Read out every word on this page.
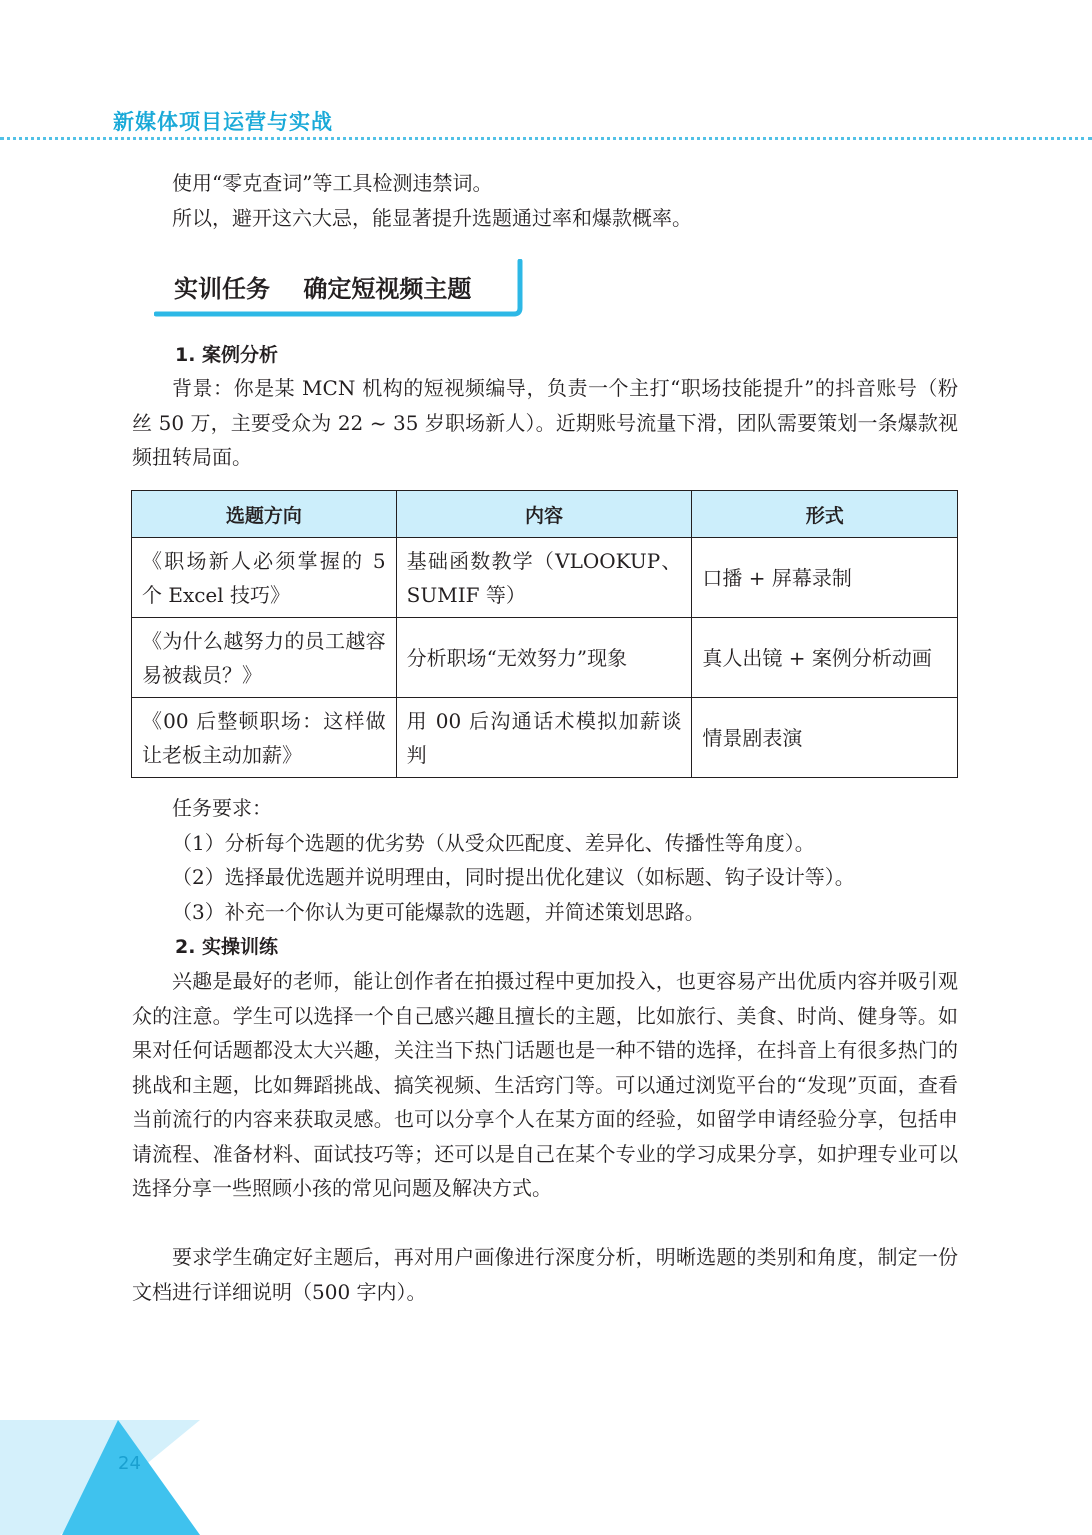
新媒体项目运营与实战

使用“零克查词”等工具检测违禁词。

所以，避开这六大忌，能显著提升选题通过率和爆款概率。

实训任务    确定短视频主题
1. 案例分析

背景：你是某 MCN 机构的短视频编导，负责一个主打“职场技能提升”的抖音账号（粉丝 50 万，主要受众为 22 ~ 35 岁职场新人）。近期账号流量下滑，团队需要策划一条爆款视频扭转局面。

选题方向	内容	形式
《职场新人必须掌握的 5 个 Excel 技巧》	基础函数教学（VLOOKUP、SUMIF 等）	口播 + 屏幕录制
《为什么越努力的员工越容易被裁员？》	分析职场“无效努力”现象	真人出镜 + 案例分析动画
《00 后整顿职场：这样做让老板主动加薪》	用 00 后沟通话术模拟加薪谈判	情景剧表演

任务要求：

（1）分析每个选题的优劣势（从受众匹配度、差异化、传播性等角度）。

（2）选择最优选题并说明理由，同时提出优化建议（如标题、钩子设计等）。

（3）补充一个你认为更可能爆款的选题，并简述策划思路。

2. 实操训练

兴趣是最好的老师，能让创作者在拍摄过程中更加投入，也更容易产出优质内容并吸引观众的注意。学生可以选择一个自己感兴趣且擅长的主题，比如旅行、美食、时尚、健身等。如果对任何话题都没太大兴趣，关注当下热门话题也是一种不错的选择，在抖音上有很多热门的挑战和主题，比如舞蹈挑战、搞笑视频、生活窍门等。可以通过浏览平台的“发现”页面，查看当前流行的内容来获取灵感。也可以分享个人在某方面的经验，如留学申请经验分享，包括申请流程、准备材料、面试技巧等；还可以是自己在某个专业的学习成果分享，如护理专业可以选择分享一些照顾小孩的常见问题及解决方式。

要求学生确定好主题后，再对用户画像进行深度分析，明晰选题的类别和角度，制定一份文档进行详细说明（500 字内）。

24
